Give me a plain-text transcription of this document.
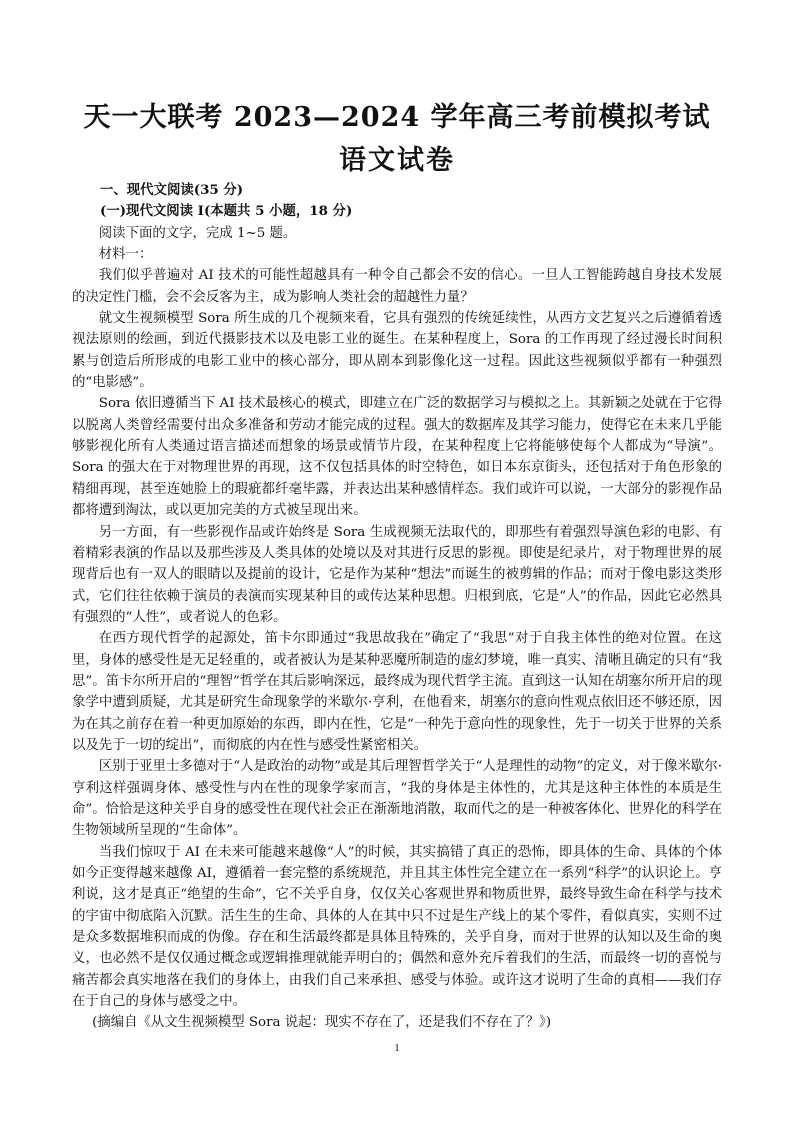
天一大联考 2023—2024 学年高三考前模拟考试
语文试卷

一、现代文阅读(35 分)

(一)现代文阅读 I(本题共 5 小题，18 分)

阅读下面的文字，完成 1~5 题。

材料一：

我们似乎普遍对 AI 技术的可能性超越具有一种令自己都会不安的信心。一旦人工智能跨越自身技术发展的决定性门槛，会不会反客为主，成为影响人类社会的超越性力量？

就文生视频模型 Sora 所生成的几个视频来看，它具有强烈的传统延续性，从西方文艺复兴之后遵循着透视法原则的绘画，到近代摄影技术以及电影工业的诞生。在某种程度上，Sora 的工作再现了经过漫长时间积累与创造后所形成的电影工业中的核心部分，即从剧本到影像化这一过程。因此这些视频似乎都有一种强烈的“电影感”。

Sora 依旧遵循当下 AI 技术最核心的模式，即建立在广泛的数据学习与模拟之上。其新颖之处就在于它得以脱离人类曾经需要付出众多准备和劳动才能完成的过程。强大的数据库及其学习能力，使得它在未来几乎能够影视化所有人类通过语言描述而想象的场景或情节片段，在某种程度上它将能够使每个人都成为“导演”。Sora 的强大在于对物理世界的再现，这不仅包括具体的时空特色，如日本东京街头，还包括对于角色形象的精细再现，甚至连她脸上的瑕疵都纤毫毕露，并表达出某种感情样态。我们或许可以说，一大部分的影视作品都将遭到淘汰，或以更加完美的方式被呈现出来。

另一方面，有一些影视作品或许始终是 Sora 生成视频无法取代的，即那些有着强烈导演色彩的电影、有着精彩表演的作品以及那些涉及人类具体的处境以及对其进行反思的影视。即使是纪录片，对于物理世界的展现背后也有一双人的眼睛以及提前的设计，它是作为某种“想法”而诞生的被剪辑的作品；而对于像电影这类形式，它们往往依赖于演员的表演而实现某种目的或传达某种思想。归根到底，它是“人”的作品，因此它必然具有强烈的“人性”，或者说人的色彩。

在西方现代哲学的起源处，笛卡尔即通过“我思故我在”确定了“我思”对于自我主体性的绝对位置。在这里，身体的感受性是无足轻重的，或者被认为是某种恶魔所制造的虚幻梦境，唯一真实、清晰且确定的只有“我思”。笛卡尔所开启的“理智”哲学在其后影响深远，最终成为现代哲学主流。直到这一认知在胡塞尔所开启的现象学中遭到质疑，尤其是研究生命现象学的米歇尔·亨利，在他看来，胡塞尔的意向性观点依旧还不够还原，因为在其之前存在着一种更加原始的东西，即内在性，它是“一种先于意向性的现象性，先于一切关于世界的关系以及先于一切的绽出”，而彻底的内在性与感受性紧密相关。

区别于亚里士多德对于“人是政治的动物”或是其后理智哲学关于“人是理性的动物”的定义，对于像米歇尔·亨利这样强调身体、感受性与内在性的现象学家而言，“我的身体是主体性的，尤其是这种主体性的本质是生命”。恰恰是这种关乎自身的感受性在现代社会正在渐渐地消散，取而代之的是一种被客体化、世界化的科学在生物领域所呈现的“生命体”。

当我们惊叹于 AI 在未来可能越来越像“人”的时候，其实搞错了真正的恐怖，即具体的生命、具体的个体如今正变得越来越像 AI，遵循着一套完整的系统规范，并且其主体性完全建立在一系列“科学”的认识论上。亨利说，这才是真正“绝望的生命”，它不关乎自身，仅仅关心客观世界和物质世界，最终导致生命在科学与技术的宇宙中彻底陷入沉默。活生生的生命、具体的人在其中只不过是生产线上的某个零件，看似真实，实则不过是众多数据堆积而成的伪像。存在和生活最终都是具体且特殊的，关乎自身，而对于世界的认知以及生命的奥义，也必然不是仅仅通过概念或逻辑推理就能弄明白的；偶然和意外充斥着我们的生活，而最终一切的喜悦与痛苦都会真实地落在我们的身体上，由我们自己来承担、感受与体验。或许这才说明了生命的真相——我们存在于自己的身体与感受之中。

(摘编自《从文生视频模型 Sora 说起：现实不存在了，还是我们不存在了？》)

1
